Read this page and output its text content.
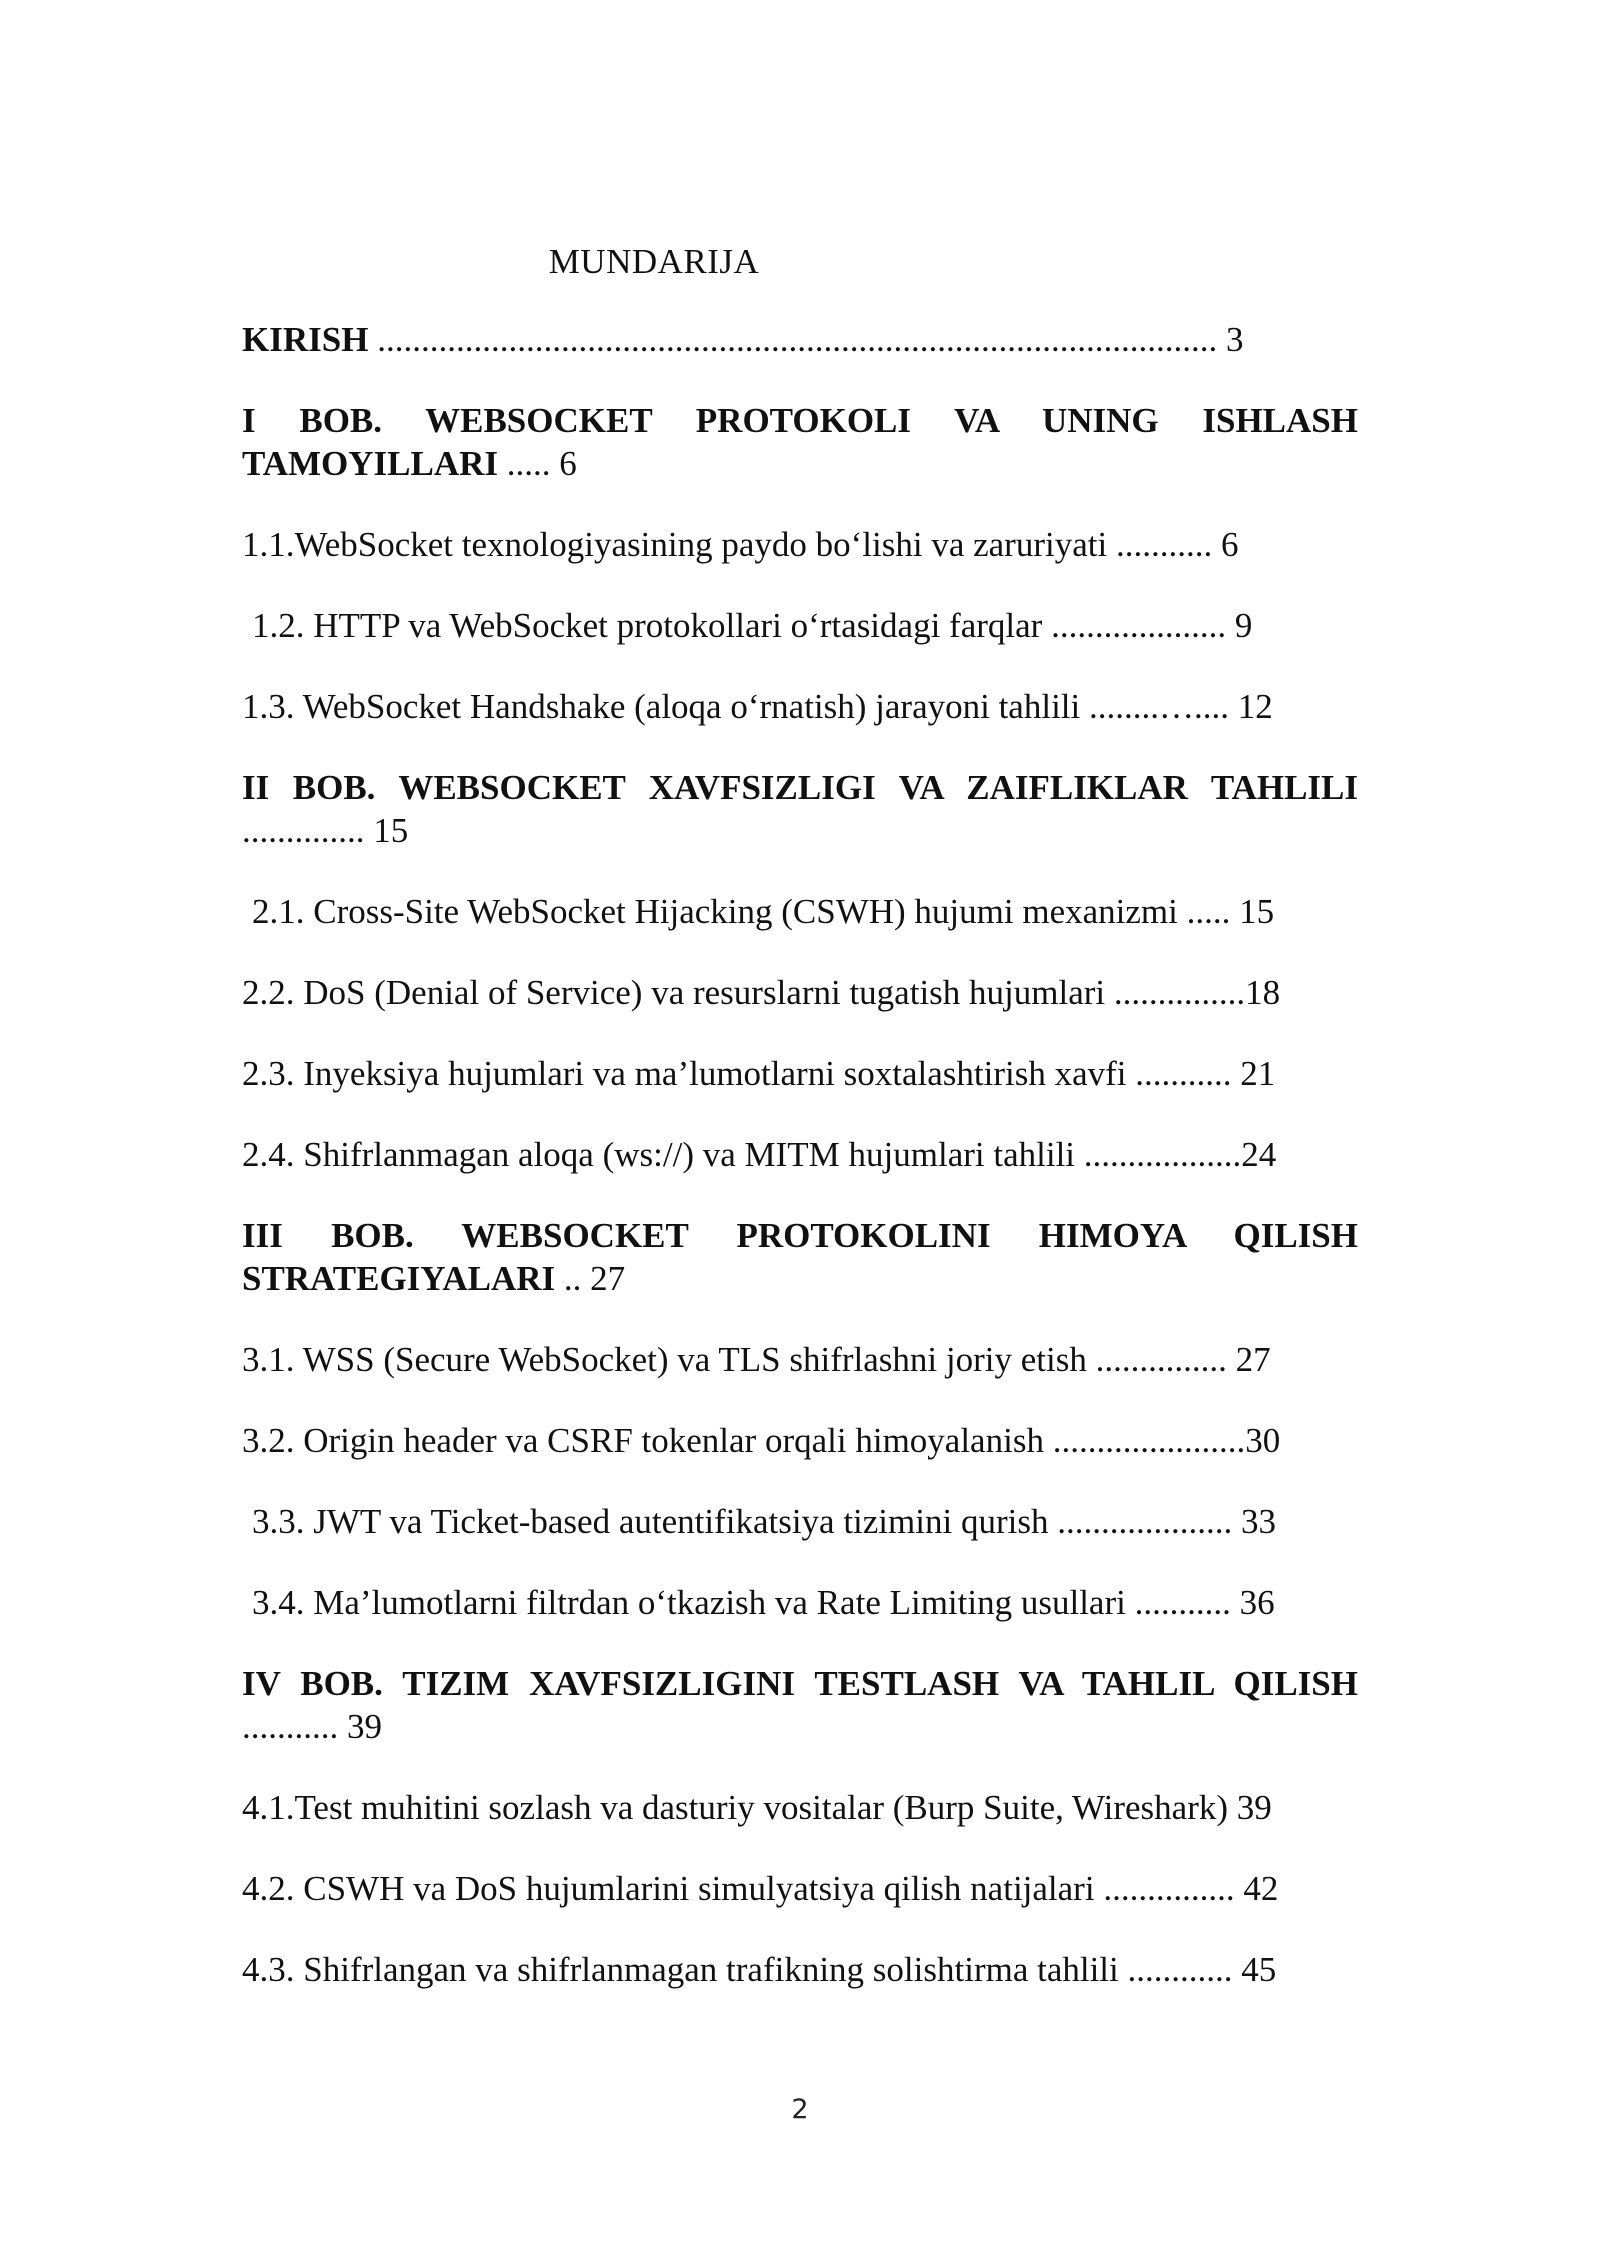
MUNDARIJA
KIRISH ................................................................................................ 3
I BOB. WEBSOCKET PROTOKOLI VA UNING ISHLASH TAMOYILLARI ..... 6
1.1.WebSocket texnologiyasining paydo bo‘lishi va zaruriyati ........... 6
1.2. HTTP va WebSocket protokollari o‘rtasidagi farqlar .................... 9
1.3. WebSocket Handshake (aloqa o‘rnatish) jarayoni tahlili ........….... 12
II BOB. WEBSOCKET XAVFSIZLIGI VA ZAIFLIKLAR TAHLILI .............. 15
2.1. Cross-Site WebSocket Hijacking (CSWH) hujumi mexanizmi ..... 15
2.2. DoS (Denial of Service) va resurslarni tugatish hujumlari ...............18
2.3. Inyeksiya hujumlari va ma’lumotlarni soxtalashtirish xavfi ........... 21
2.4. Shifrlanmagan aloqa (ws://) va MITM hujumlari tahlili ..................24
III BOB. WEBSOCKET PROTOKOLINI HIMOYA QILISH STRATEGIYALARI .. 27
3.1. WSS (Secure WebSocket) va TLS shifrlashni joriy etish ............... 27
3.2. Origin header va CSRF tokenlar orqali himoyalanish ......................30
3.3. JWT va Ticket-based autentifikatsiya tizimini qurish .................... 33
3.4. Ma’lumotlarni filtrdan o‘tkazish va Rate Limiting usullari ........... 36
IV BOB. TIZIM XAVFSIZLIGINI TESTLASH VA TAHLIL QILISH ........... 39
4.1.Test muhitini sozlash va dasturiy vositalar (Burp Suite, Wireshark) 39
4.2. CSWH va DoS hujumlarini simulyatsiya qilish natijalari ............... 42
4.3. Shifrlangan va shifrlanmagan trafikning solishtirma tahlili ............ 45
2
